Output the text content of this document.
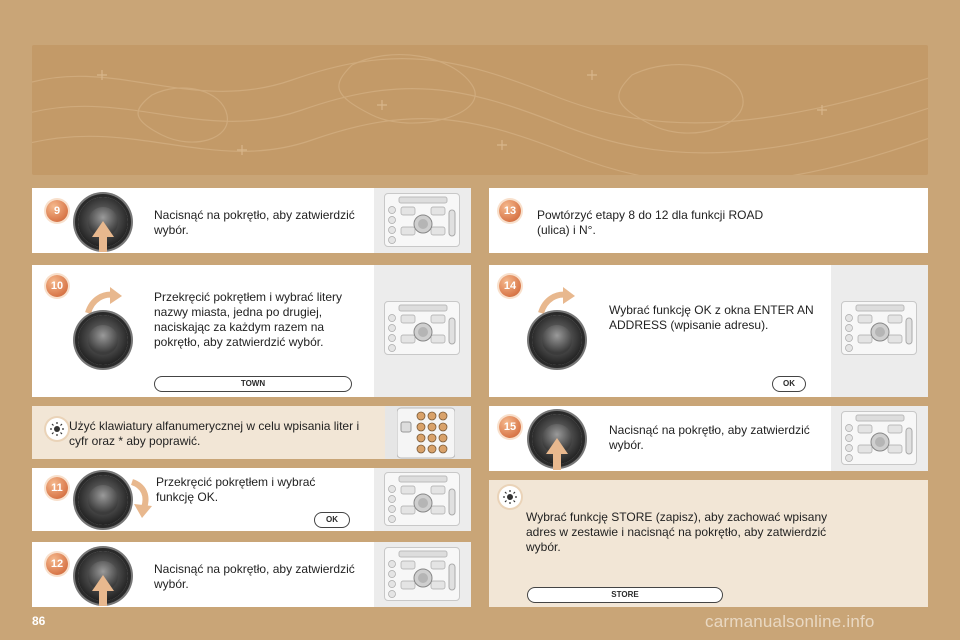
9	Nacisnąć na pokrętło, aby zatwierdzić wybór.
10
Przekręcić pokrętłem i wybrać litery nazwy miasta, jedna po drugiej, naciskając za każdym razem na pokrętło, aby zatwierdzić wybór.
TOWN
Użyć klawiatury alfanumerycznej w celu wpisania liter i cyfr oraz * aby poprawić.
11	Przekręcić pokrętłem i wybrać funkcję OK.
OK
12	Nacisnąć na pokrętło, aby zatwierdzić wybór.
13	Powtórzyć etapy 8 do 12 dla funkcji ROAD (ulica) i N°.
14
Wybrać funkcję OK z okna ENTER AN ADDRESS (wpisanie adresu).
OK
15	Nacisnąć na pokrętło, aby zatwierdzić wybór.
Wybrać funkcję STORE (zapisz), aby zachować wpisany adres w zestawie i nacisnąć na pokrętło, aby zatwierdzić wybór.
STORE
86	carmanualsonline.info
